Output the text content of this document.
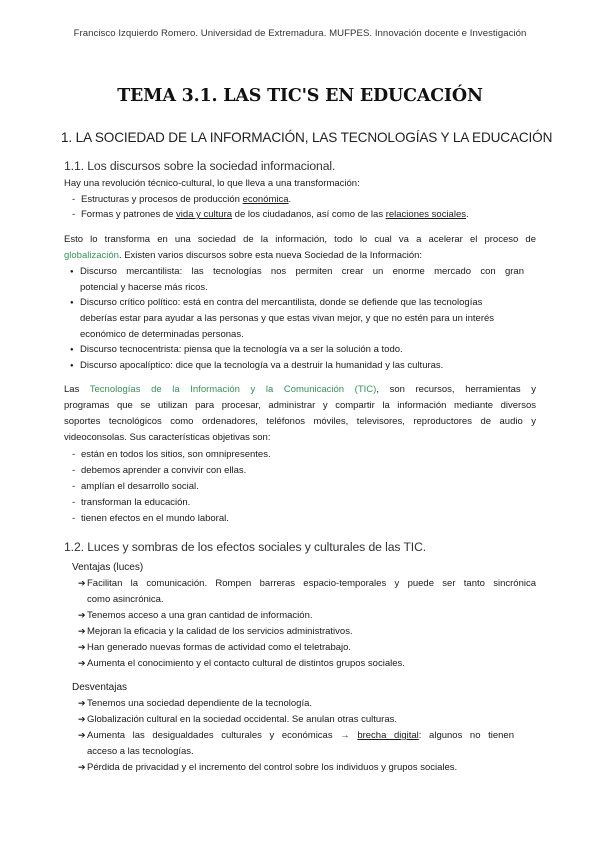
Francisco Izquierdo Romero. Universidad de Extremadura. MUFPES. Innovación docente e Investigación
TEMA 3.1. LAS TIC'S EN EDUCACIÓN
1. LA SOCIEDAD DE LA INFORMACIÓN, LAS TECNOLOGÍAS Y LA EDUCACIÓN
1.1. Los discursos sobre la sociedad informacional.
Hay una revolución técnico-cultural, lo que lleva a una transformación:
- Estructuras y procesos de producción económica.
- Formas y patrones de vida y cultura de los ciudadanos, así como de las relaciones sociales.
Esto lo transforma en una sociedad de la información, todo lo cual va a acelerar el proceso de
globalización. Existen varios discursos sobre esta nueva Sociedad de la Información:
● Discurso mercantilista: las tecnologías nos permiten crear un enorme mercado con gran
potencial y hacerse más ricos.
● Discurso crítico político: está en contra del mercantilista, donde se defiende que las tecnologías
deberías estar para ayudar a las personas y que estas vivan mejor, y que no estén para un interés
económico de determinadas personas.
● Discurso tecnocentrista: piensa que la tecnología va a ser la solución a todo.
● Discurso apocalíptico: dice que la tecnología va a destruir la humanidad y las culturas.
Las Tecnologías de la Información y la Comunicación (TIC), son recursos, herramientas y
programas que se utilizan para procesar, administrar y compartir la información mediante diversos
soportes tecnológicos como ordenadores, teléfonos móviles, televisores, reproductores de audio y
videoconsolas. Sus características objetivas son:
- están en todos los sitios, son omnipresentes.
- debemos aprender a convivir con ellas.
- amplían el desarrollo social.
- transforman la educación.
- tienen efectos en el mundo laboral.
1.2. Luces y sombras de los efectos sociales y culturales de las TIC.
Ventajas (luces)
➔ Facilitan la comunicación. Rompen barreras espacio-temporales y puede ser tanto sincrónica
como asincrónica.
➔ Tenemos acceso a una gran cantidad de información.
➔ Mejoran la eficacia y la calidad de los servicios administrativos.
➔ Han generado nuevas formas de actividad como el teletrabajo.
➔ Aumenta el conocimiento y el contacto cultural de distintos grupos sociales.
Desventajas
➔ Tenemos una sociedad dependiente de la tecnología.
➔ Globalización cultural en la sociedad occidental. Se anulan otras culturas.
➔ Aumenta las desigualdades culturales y económicas → brecha digital: algunos no tienen
acceso a las tecnologías.
➔ Pérdida de privacidad y el incremento del control sobre los individuos y grupos sociales.
